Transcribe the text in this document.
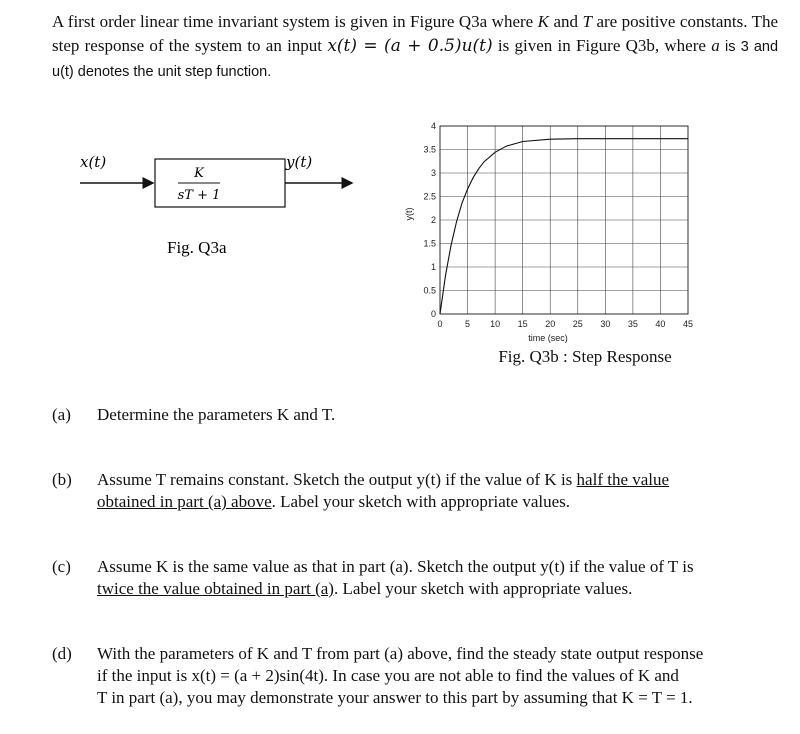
A first order linear time invariant system is given in Figure Q3a where K and T are positive constants. The step response of the system to an input x(t) = (a + 0.5)u(t) is given in Figure Q3b, where a is 3 and u(t) denotes the unit step function.
x(t)	y(t)
K
sT + 1
Fig. Q3a
0	5 10 15 20 25 30 35 40 45
0
0.5
1
1.5
2
2.5
3
3.5
4
time (sec)
y(t)
Fig. Q3b : Step Response
(a) Determine the parameters K and T.
(b) Assume T remains constant. Sketch the output y(t) if the value of K is half the value
obtained in part (a) above. Label your sketch with appropriate values.
(c) Assume K is the same value as that in part (a). Sketch the output y(t) if the value of T is
twice the value obtained in part (a). Label your sketch with appropriate values.
(d) With the parameters of K and T from part (a) above, find the steady state output response
if the input is x(t) = (a + 2)sin(4t). In case you are not able to find the values of K and
T in part (a), you may demonstrate your answer to this part by assuming that K = T = 1.
